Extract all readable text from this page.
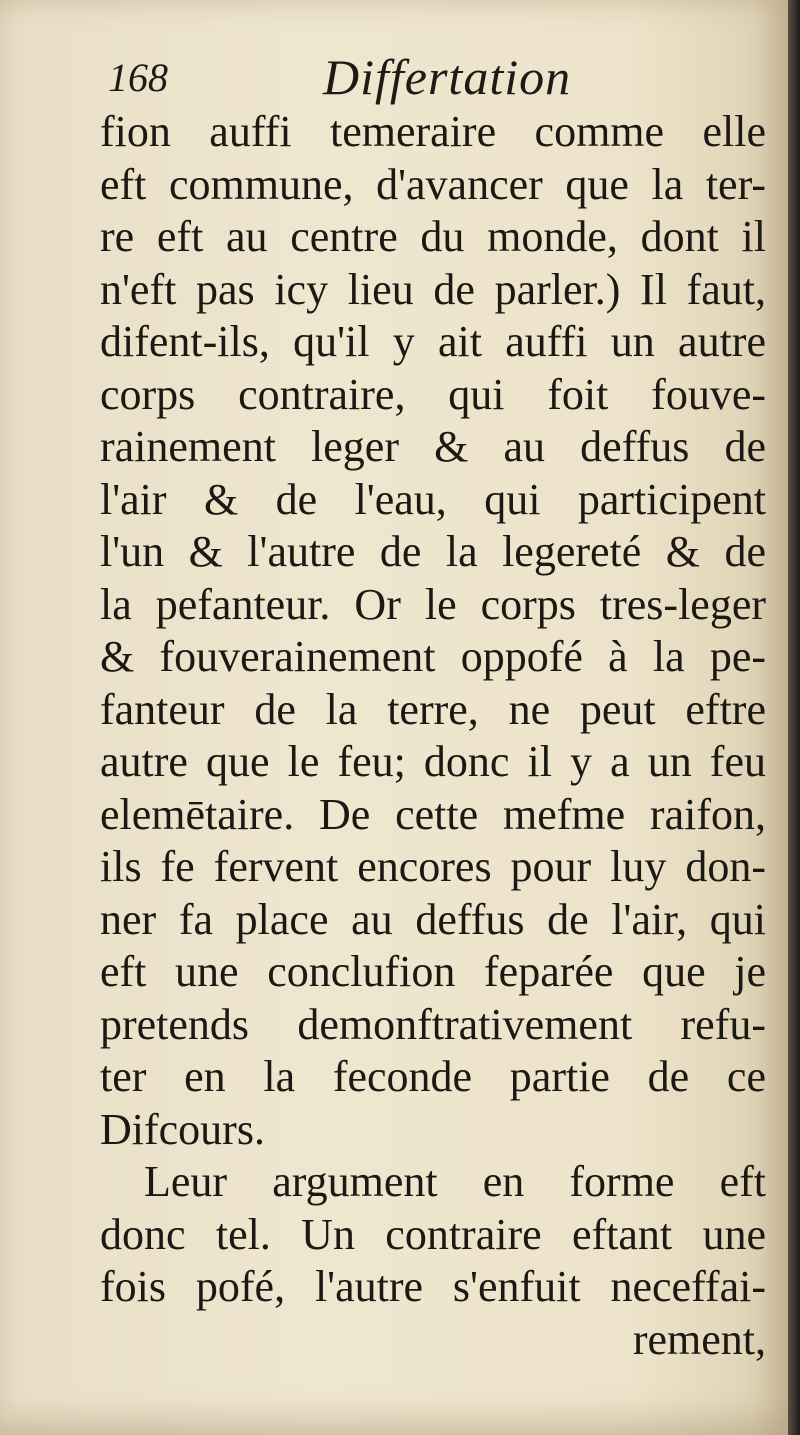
168	Differtation
fion auffi temeraire comme elle
eft commune, d'avancer que la ter-
re eft au centre du monde, dont il
n'eft pas icy lieu de parler.) Il faut,
difent-ils, qu'il y ait auffi un autre
corps contraire, qui foit fouve-
rainement leger & au deffus de
l'air & de l'eau, qui participent
l'un & l'autre de la legereté & de
la pefanteur. Or le corps tres-leger
& fouverainement oppofé à la pe-
fanteur de la terre, ne peut eftre
autre que le feu; donc il y a un feu
elemētaire. De cette mefme raifon,
ils fe fervent encores pour luy don-
ner fa place au deffus de l'air, qui
eft une conclufion feparée que je
pretends demonftrativement refu-
ter en la feconde partie de ce
Difcours.
Leur argument en forme eft
donc tel. Un contraire eftant une
fois pofé, l'autre s'enfuit neceffai-
rement,
